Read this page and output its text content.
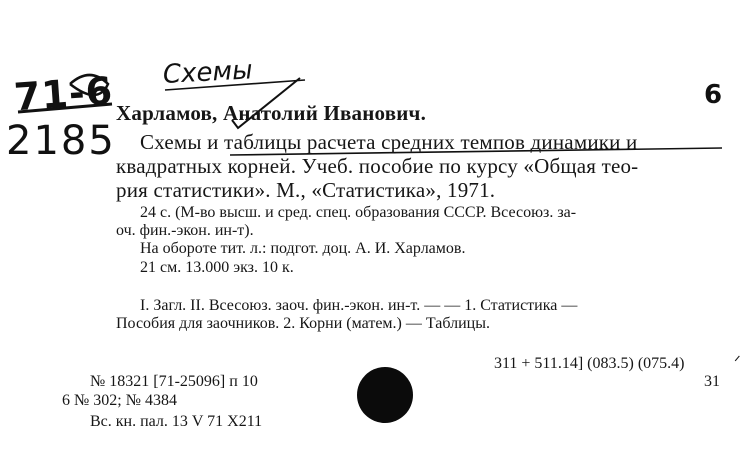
Схемы
71-6
2185
6
Харламов, Анатолий Иванович.
Схемы и таблицы расчета средних темпов динамики и
квадратных корней. Учеб. пособие по курсу «Общая тео-
рия статистики». М., «Статистика», 1971.
24 с. (М-во высш. и сред. спец. образования СССР. Всесоюз. за-
оч. фин.-экон. ин-т).
На обороте тит. л.: подгот. доц. А. И. Харламов.
21 см. 13.000 экз. 10 к.
I. Загл. II. Всесоюз. заоч. фин.-экон. ин-т. — — 1. Статистика —
Пособия для заочников. 2. Корни (матем.) — Таблицы.
311 + 511.14] (083.5) (075.4)	ᐟ
31
№ 18321 [71-25096] п 10
6 № 302; № 4384
Вс. кн. пал. 13 V 71 X211
